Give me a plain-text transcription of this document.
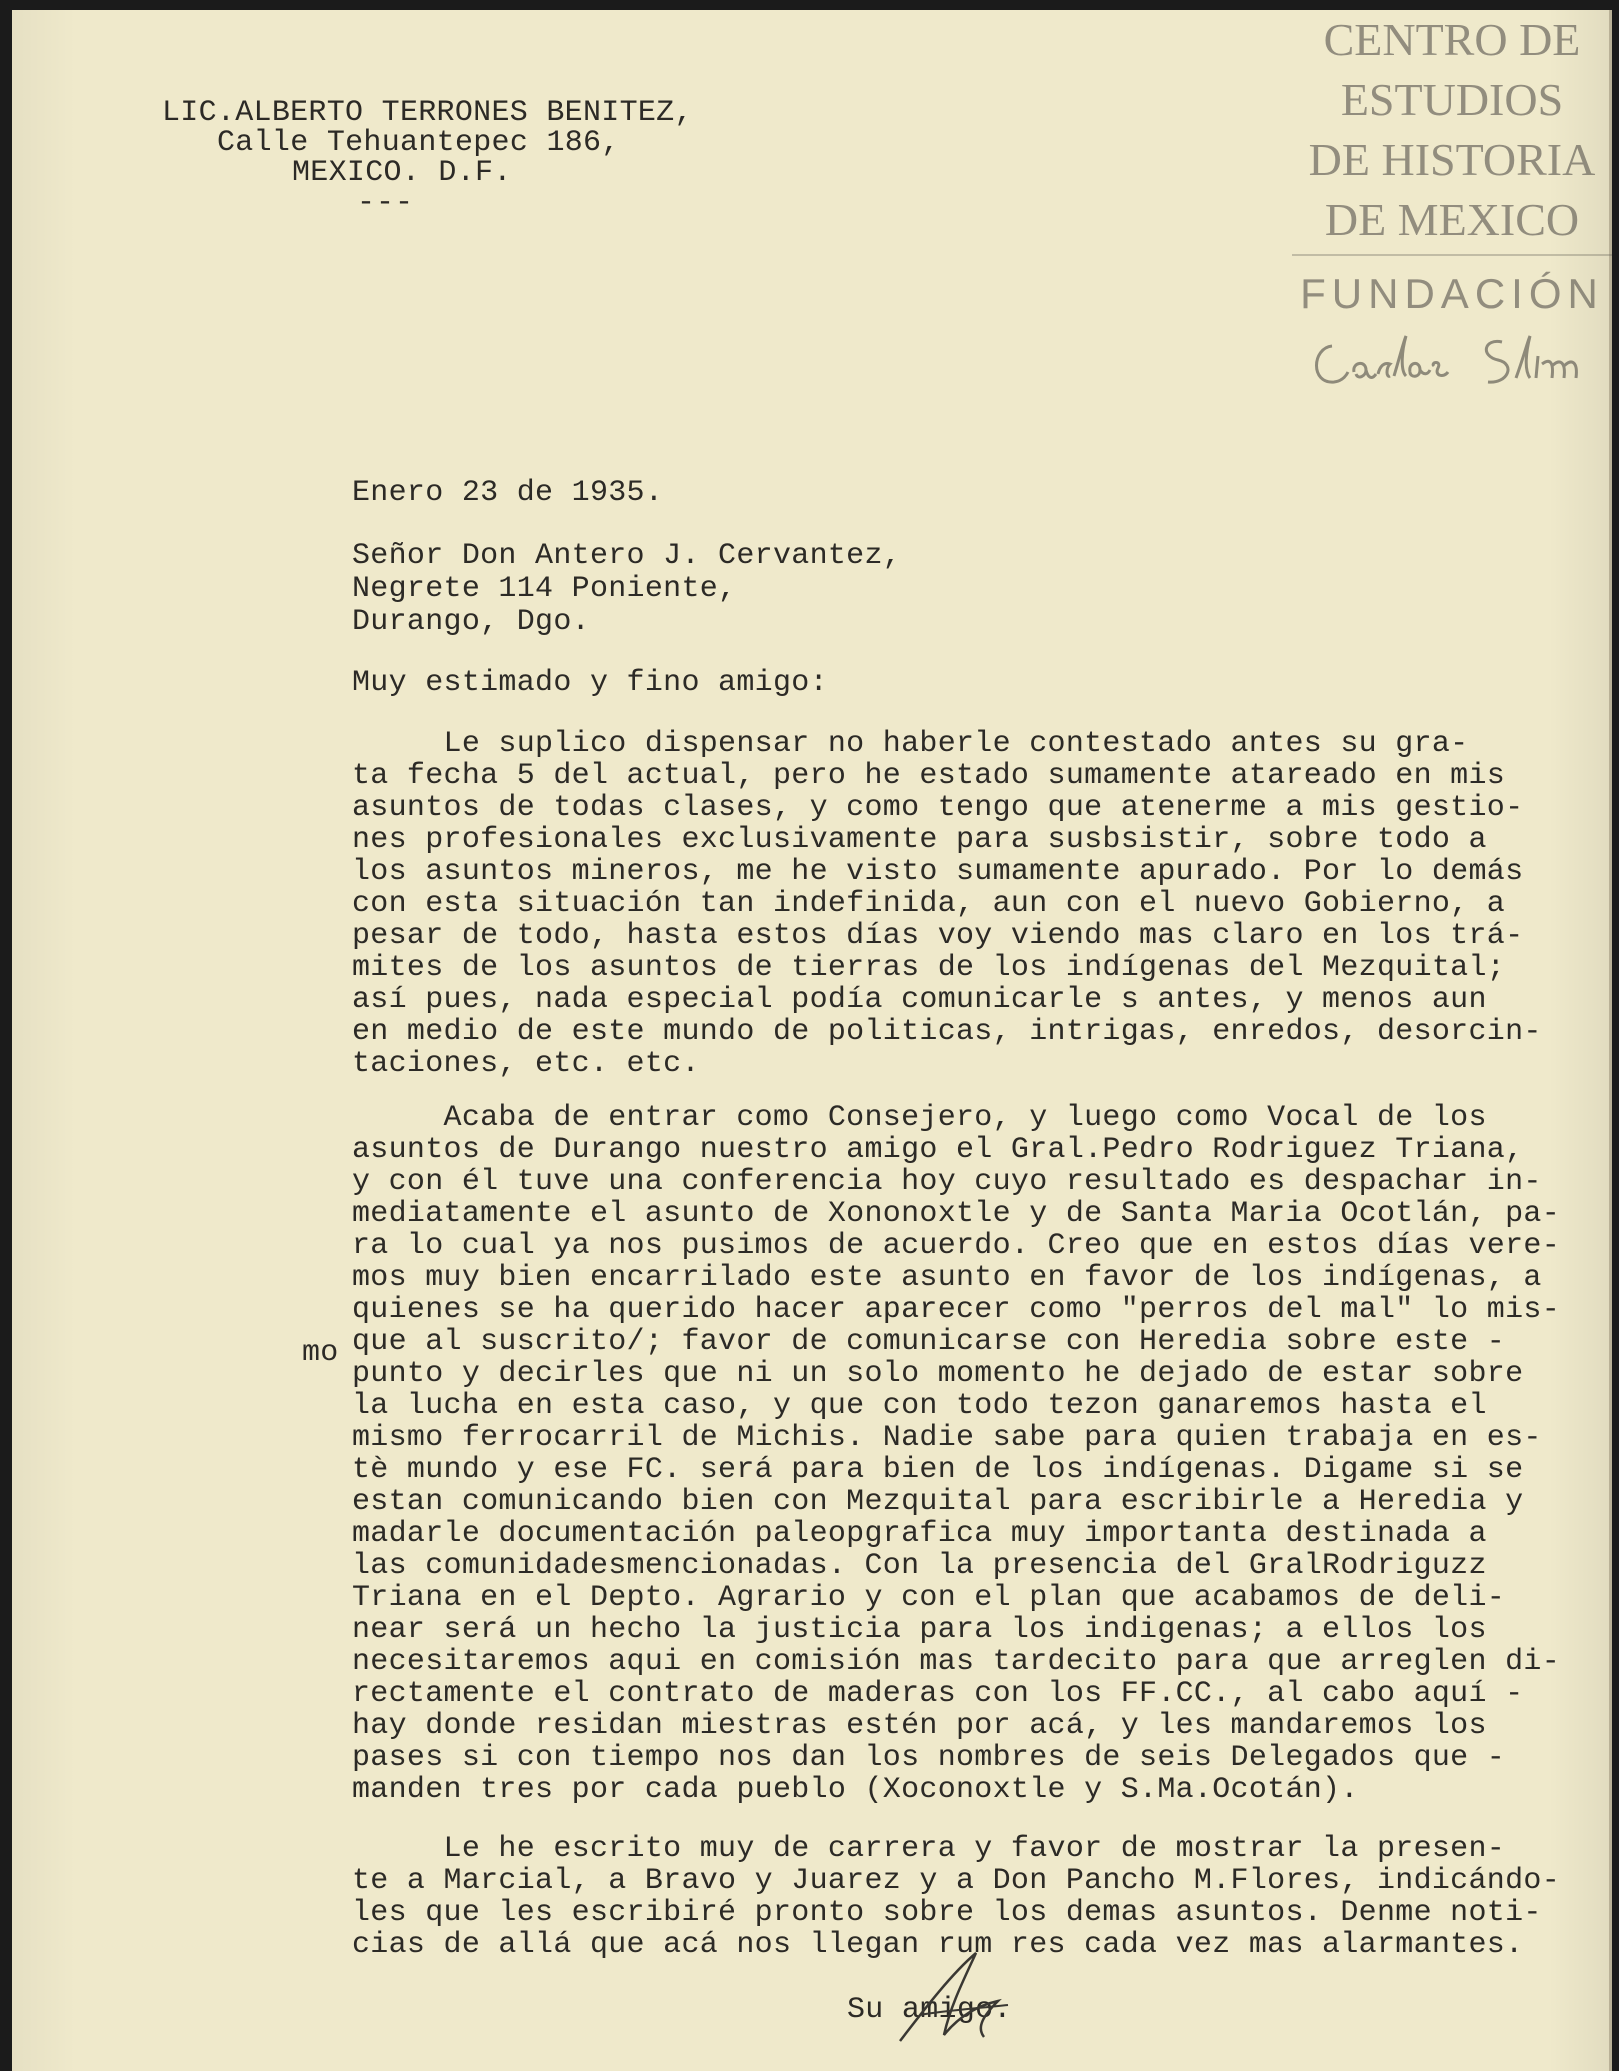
LIC.ALBERTO TERRONES BENITEZ,
Calle Tehuantepec 186,
MEXICO. D.F.
---
CENTRO DE
ESTUDIOS
DE HISTORIA
DE MEXICO
FUNDACIÓN
Enero 23 de 1935.
Señor Don Antero J. Cervantez,
Negrete 114 Poniente,
Durango, Dgo.
Muy estimado y fino amigo:
Le suplico dispensar no haberle contestado antes su gra-
ta fecha 5 del actual, pero he estado sumamente atareado en mis
asuntos de todas clases, y como tengo que atenerme a mis gestio-
nes profesionales exclusivamente para susbsistir, sobre todo a
los asuntos mineros, me he visto sumamente apurado. Por lo demás
con esta situación tan indefinida, aun con el nuevo Gobierno, a
pesar de todo, hasta estos días voy viendo mas claro en los trá-
mites de los asuntos de tierras de los indígenas del Mezquital;
así pues, nada especial podía comunicarle s antes, y menos aun
en medio de este mundo de politicas, intrigas, enredos, desorcin-
taciones, etc. etc.
Acaba de entrar como Consejero, y luego como Vocal de los
asuntos de Durango nuestro amigo el Gral.Pedro Rodriguez Triana,
y con él tuve una conferencia hoy cuyo resultado es despachar in-
mediatamente el asunto de Xononoxtle y de Santa Maria Ocotlán, pa-
ra lo cual ya nos pusimos de acuerdo. Creo que en estos días vere-
mos muy bien encarrilado este asunto en favor de los indígenas, a
quienes se ha querido hacer aparecer como "perros del mal" lo mis-
que al suscrito/; favor de comunicarse con Heredia sobre este -
punto y decirles que ni un solo momento he dejado de estar sobre
la lucha en esta caso, y que con todo tezon ganaremos hasta el
mismo ferrocarril de Michis. Nadie sabe para quien trabaja en es-
tè mundo y ese FC. será para bien de los indígenas. Digame si se
estan comunicando bien con Mezquital para escribirle a Heredia y
madarle documentación paleopgrafica muy importanta destinada a
las comunidadesmencionadas. Con la presencia del GralRodriguzz
Triana en el Depto. Agrario y con el plan que acabamos de deli-
near será un hecho la justicia para los indigenas; a ellos los
necesitaremos aqui en comisión mas tardecito para que arreglen di-
rectamente el contrato de maderas con los FF.CC., al cabo aquí -
hay donde residan miestras estén por acá, y les mandaremos los
pases si con tiempo nos dan los nombres de seis Delegados que -
manden tres por cada pueblo (Xoconoxtle y S.Ma.Ocotán).
mo
Le he escrito muy de carrera y favor de mostrar la presen-
te a Marcial, a Bravo y Juarez y a Don Pancho M.Flores, indicándo-
les que les escribiré pronto sobre los demas asuntos. Denme noti-
cias de allá que acá nos llegan rum res cada vez mas alarmantes.
Su amigo.
